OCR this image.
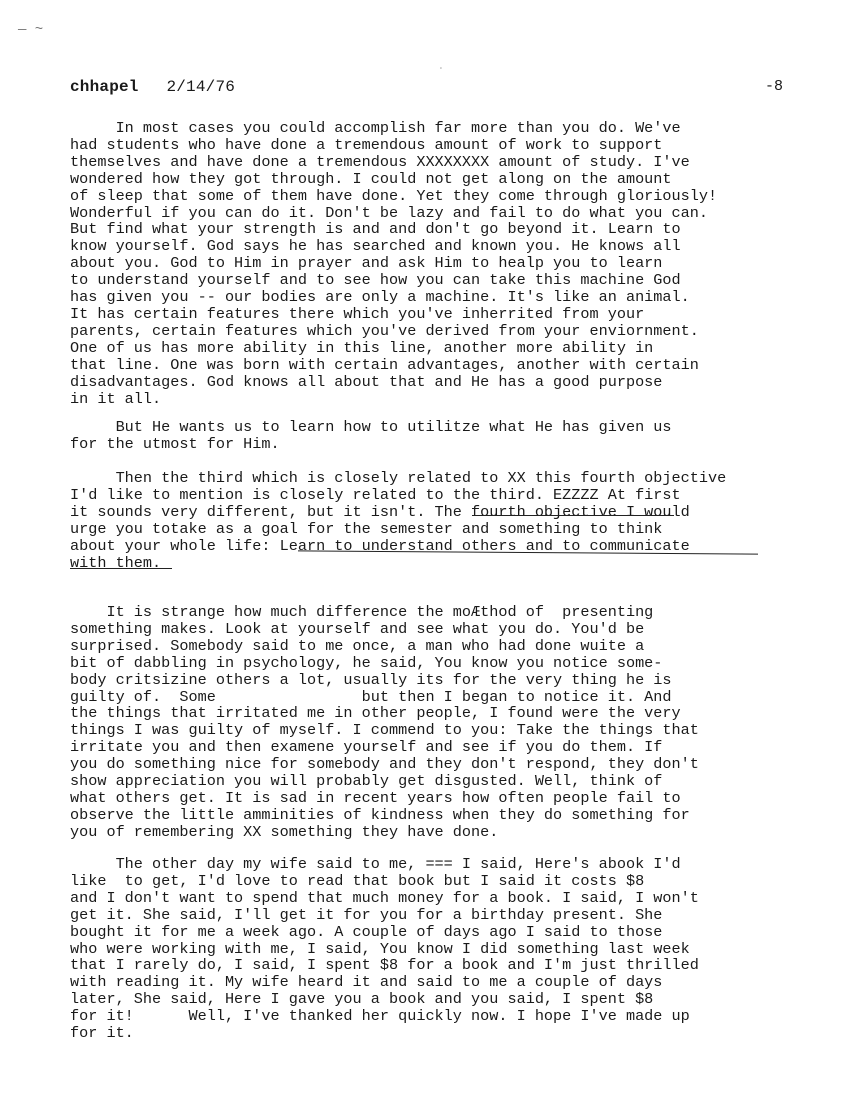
— ~
.
chhapel 2/14/76	-8
In most cases you could accomplish far more than you do. We've
had students who have done a tremendous amount of work to support
themselves and have done a tremendous XXXXXXXX amount of study. I've
wondered how they got through. I could not get along on the amount
of sleep that some of them have done. Yet they come through gloriously!
Wonderful if you can do it. Don't be lazy and fail to do what you can.
But find what your strength is and and don't go beyond it. Learn to
know yourself. God says he has searched and known you. He knows all
about you. God to Him in prayer and ask Him to healp you to learn
to understand yourself and to see how you can take this machine God
has given you -- our bodies are only a machine. It's like an animal.
It has certain features there which you've inherrited from your
parents, certain features which you've derived from your enviornment.
One of us has more ability in this line, another more ability in
that line. One was born with certain advantages, another with certain
disadvantages. God knows all about that and He has a good purpose
in it all.
But He wants us to learn how to utilitze what He has given us
for the utmost for Him.
Then the third which is closely related to XX this fourth objective
I'd like to mention is closely related to the third. EZZZZ At first
it sounds very different, but it isn't. The fourth objective I would
urge you totake as a goal for the semester and something to think
about your whole life: Learn to understand others and to communicate
with them.
It is strange how much difference the moÆthod of  presenting
something makes. Look at yourself and see what you do. You'd be
surprised. Somebody said to me once, a man who had done wuite a
bit of dabbling in psychology, he said, You know you notice some-
body critsizine others a lot, usually its for the very thing he is
guilty of.  Some                but then I began to notice it. And
the things that irritated me in other people, I found were the very
things I was guilty of myself. I commend to you: Take the things that
irritate you and then examene yourself and see if you do them. If
you do something nice for somebody and they don't respond, they don't
show appreciation you will probably get disgusted. Well, think of
what others get. It is sad in recent years how often people fail to
observe the little amminities of kindness when they do something for
you of remembering XX something they have done.
The other day my wife said to me, === I said, Here's abook I'd
like  to get, I'd love to read that book but I said it costs $8
and I don't want to spend that much money for a book. I said, I won't
get it. She said, I'll get it for you for a birthday present. She
bought it for me a week ago. A couple of days ago I said to those
who were working with me, I said, You know I did something last week
that I rarely do, I said, I spent $8 for a book and I'm just thrilled
with reading it. My wife heard it and said to me a couple of days
later, She said, Here I gave you a book and you said, I spent $8
for it!      Well, I've thanked her quickly now. I hope I've made up
for it.
